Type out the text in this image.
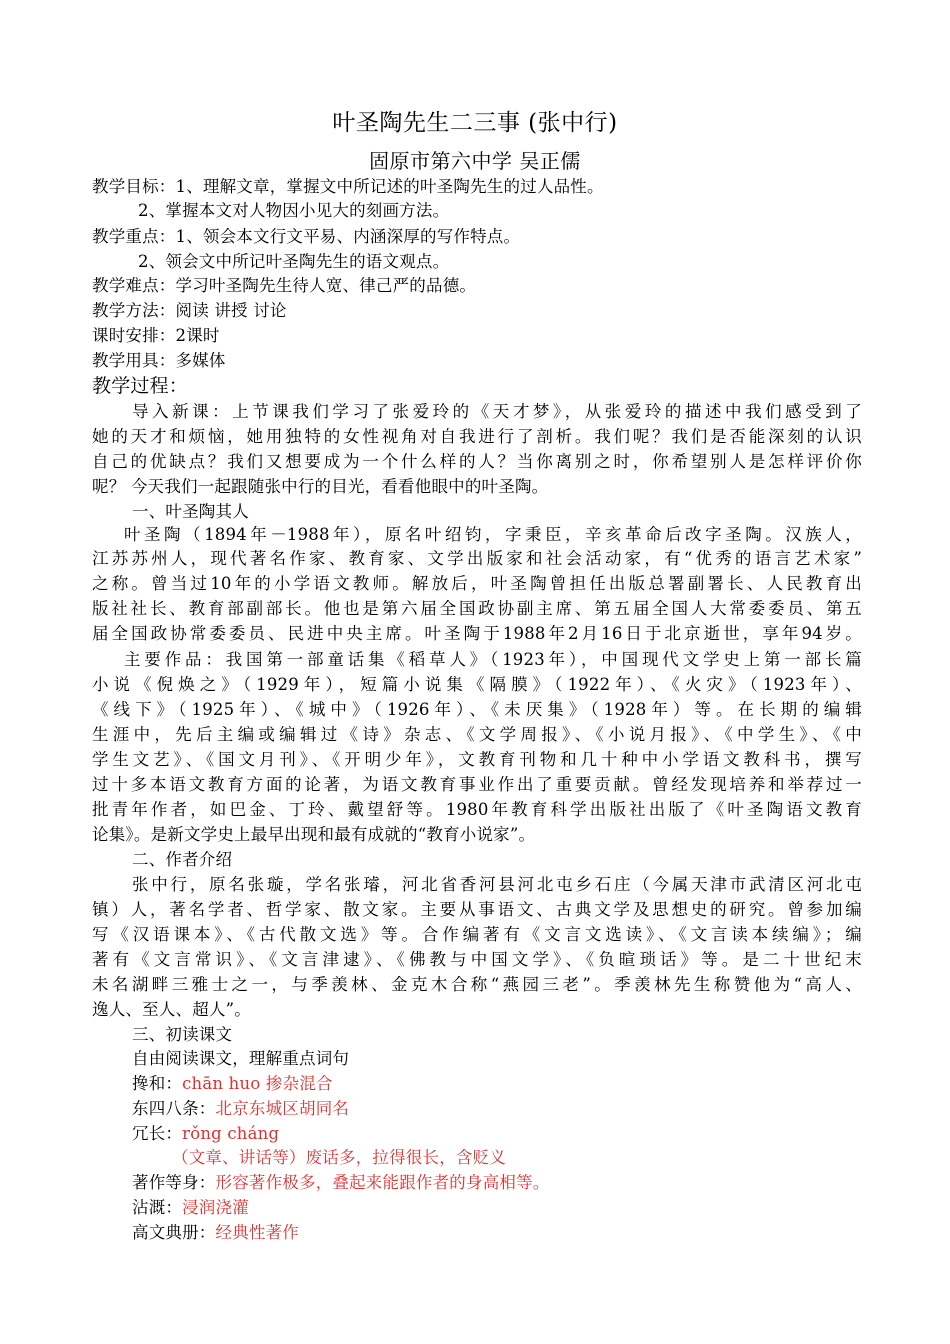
叶圣陶先生二三事 (张中行)
固原市第六中学 吴正儒
教学目标：1、理解文章，掌握文中所记述的叶圣陶先生的过人品性。
2、掌握本文对人物因小见大的刻画方法。
教学重点：1、领会本文行文平易、内涵深厚的写作特点。
2、领会文中所记叶圣陶先生的语文观点。
教学难点：学习叶圣陶先生待人宽、律己严的品德。
教学方法：阅读 讲授 讨论
课时安排：2课时
教学用具：多媒体
教学过程：
导入新课：上节课我们学习了张爱玲的《天才梦》，从张爱玲的描述中我们感受到了
她的天才和烦恼，她用独特的女性视角对自我进行了剖析。我们呢？我们是否能深刻的认识
自己的优缺点？我们又想要成为一个什么样的人？当你离别之时，你希望别人是怎样评价你
呢？ 今天我们一起跟随张中行的目光，看看他眼中的叶圣陶。
一、叶圣陶其人
叶圣陶（1894年－1988年），原名叶绍钧，字秉臣，辛亥革命后改字圣陶。汉族人，
江苏苏州人，现代著名作家、教育家、文学出版家和社会活动家，有“优秀的语言艺术家”
之称。曾当过10年的小学语文教师。解放后，叶圣陶曾担任出版总署副署长、人民教育出
版社社长、教育部副部长。他也是第六届全国政协副主席、第五届全国人大常委委员、第五
届全国政协常委委员、民进中央主席。叶圣陶于1988年2月16日于北京逝世，享年94岁。
主要作品：我国第一部童话集《稻草人》（1923年），中国现代文学史上第一部长篇
小说《倪焕之》（1929年），短篇小说集《隔膜》（1922年）、《火灾》（1923年）、
《线下》（1925年）、《城中》（1926年）、《未厌集》（1928年）等。在长期的编辑
生涯中，先后主编或编辑过《诗》杂志、《文学周报》、《小说月报》、《中学生》、《中
学生文艺》、《国文月刊》、《开明少年》，文教育刊物和几十种中小学语文教科书，撰写
过十多本语文教育方面的论著，为语文教育事业作出了重要贡献。曾经发现培养和举荐过一
批青年作者，如巴金、丁玲、戴望舒等。1980年教育科学出版社出版了《叶圣陶语文教育
论集》。是新文学史上最早出现和最有成就的“教育小说家”。
二、作者介绍
张中行，原名张璇，学名张璿，河北省香河县河北屯乡石庄（今属天津市武清区河北屯
镇）人，著名学者、哲学家、散文家。主要从事语文、古典文学及思想史的研究。曾参加编
写《汉语课本》、《古代散文选》等。合作编著有《文言文选读》、《文言读本续编》；编
著有《文言常识》、《文言津逮》、《佛教与中国文学》、《负暄琐话》等。是二十世纪末
未名湖畔三雅士之一，与季羡林、金克木合称“燕园三老”。季羡林先生称赞他为“高人、
逸人、至人、超人”。
三、初读课文
自由阅读课文，理解重点词句
搀和：chān huo 掺杂混合
东四八条：北京东城区胡同名
冗长：rǒng cháng
（文章、讲话等）废话多，拉得很长，含贬义
著作等身：形容著作极多，叠起来能跟作者的身高相等。
沾溉：浸润浇灌
高文典册：经典性著作
